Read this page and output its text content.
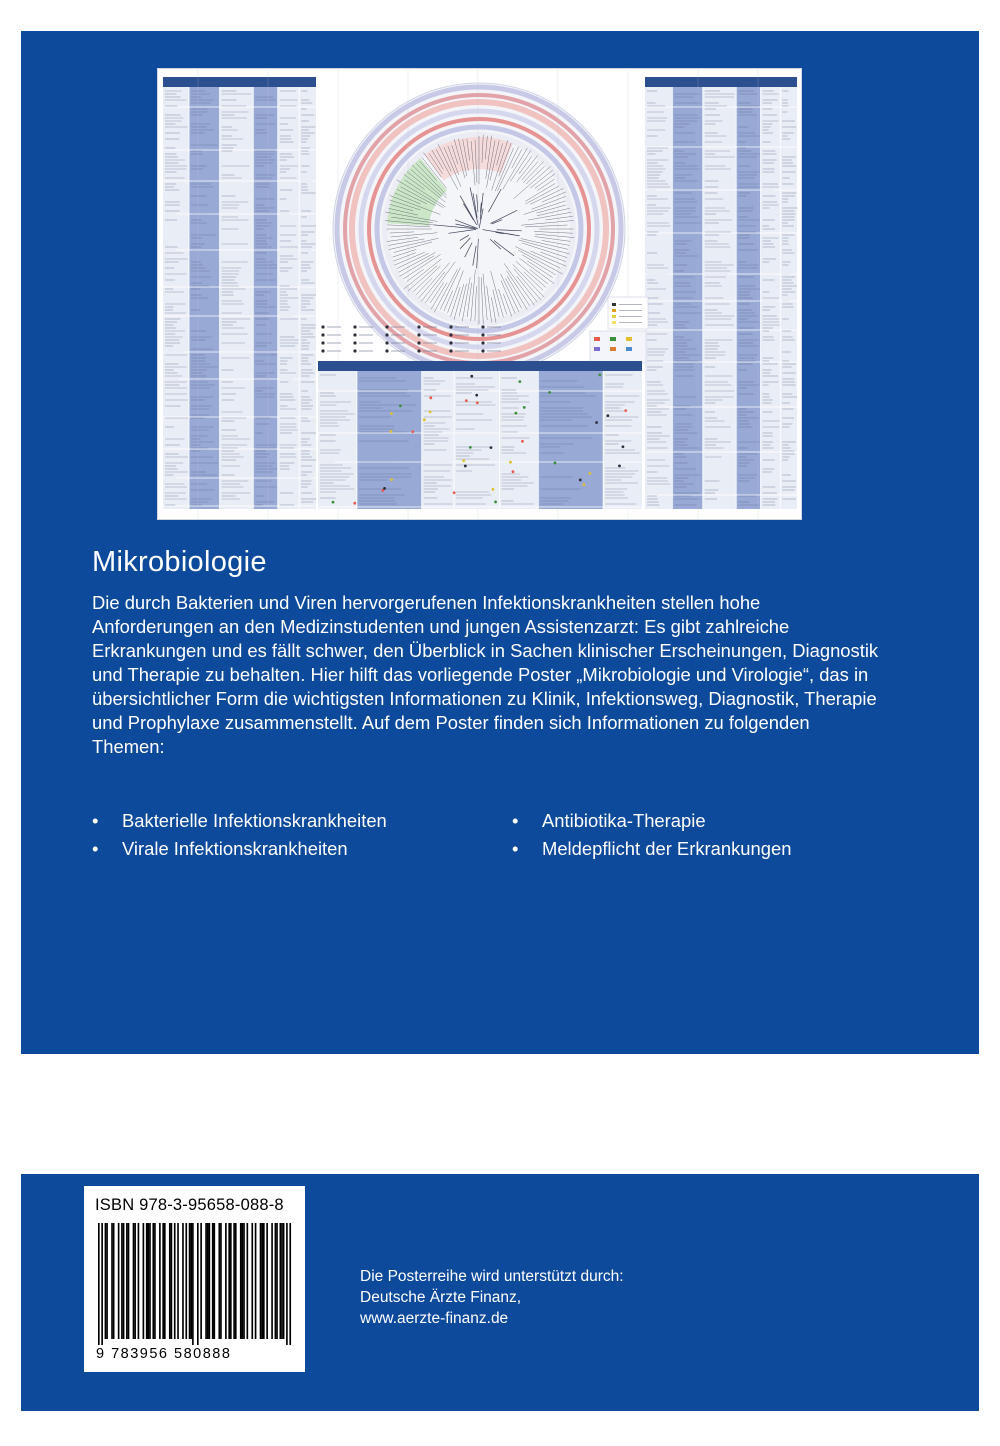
Mikrobiologie

Die durch Bakterien und Viren hervorgerufenen Infektionskrankheiten stellen hohe Anforderungen an den Medizinstudenten und jungen Assistenzarzt: Es gibt zahlreiche Erkrankungen und es fällt schwer, den Überblick in Sachen klinischer Erscheinungen, Diagnostik und Therapie zu behalten. Hier hilft das vorliegende Poster „Mikrobiologie und Virologie“, das in übersichtlicher Form die wichtigsten Informationen zu Klinik, Infektionsweg, Diagnostik, Therapie und Prophylaxe zusammenstellt. Auf dem Poster finden sich Informationen zu folgenden Themen:

•	Bakterielle Infektionskrankheiten
•	Virale Infektionskrankheiten
•	Antibiotika-Therapie
•	Meldepflicht der Erkrankungen
ISBN 978-3-95658-088-8
9 783956 580888
Die Posterreihe wird unterstützt durch:
Deutsche Ärzte Finanz,
www.aerzte-finanz.de
